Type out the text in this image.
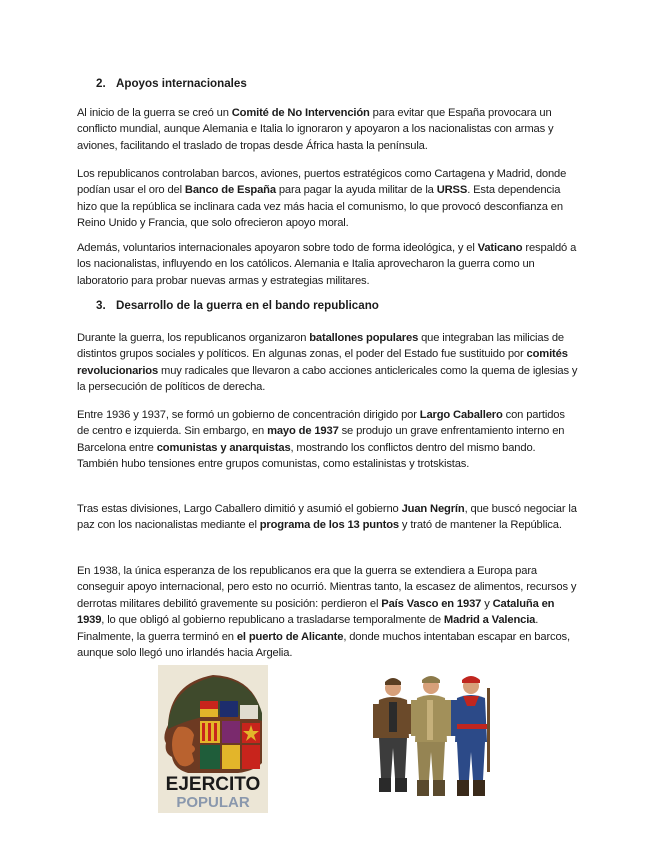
2. Apoyos internacionales

Al inicio de la guerra se creó un Comité de No Intervención para evitar que España provocara un conflicto mundial, aunque Alemania e Italia lo ignoraron y apoyaron a los nacionalistas con armas y aviones, facilitando el traslado de tropas desde África hasta la península.

Los republicanos controlaban barcos, aviones, puertos estratégicos como Cartagena y Madrid, donde podían usar el oro del Banco de España para pagar la ayuda militar de la URSS. Esta dependencia hizo que la república se inclinara cada vez más hacia el comunismo, lo que provocó desconfianza en Reino Unido y Francia, que solo ofrecieron apoyo moral.

Además, voluntarios internacionales apoyaron sobre todo de forma ideológica, y el Vaticano respaldó a los nacionalistas, influyendo en los católicos. Alemania e Italia aprovecharon la guerra como un laboratorio para probar nuevas armas y estrategias militares.

3. Desarrollo de la guerra en el bando republicano

Durante la guerra, los republicanos organizaron batallones populares que integraban las milicias de distintos grupos sociales y políticos. En algunas zonas, el poder del Estado fue sustituido por comités revolucionarios muy radicales que llevaron a cabo acciones anticlericales como la quema de iglesias y la persecución de políticos de derecha.

Entre 1936 y 1937, se formó un gobierno de concentración dirigido por Largo Caballero con partidos de centro e izquierda. Sin embargo, en mayo de 1937 se produjo un grave enfrentamiento interno en Barcelona entre comunistas y anarquistas, mostrando los conflictos dentro del mismo bando. También hubo tensiones entre grupos comunistas, como estalinistas y trotskistas.

Tras estas divisiones, Largo Caballero dimitió y asumió el gobierno Juan Negrín, que buscó negociar la paz con los nacionalistas mediante el programa de los 13 puntos y trató de mantener la República.

En 1938, la única esperanza de los republicanos era que la guerra se extendiera a Europa para conseguir apoyo internacional, pero esto no ocurrió. Mientras tanto, la escasez de alimentos, recursos y derrotas militares debilitó gravemente su posición: perdieron el País Vasco en 1937 y Cataluña en 1939, lo que obligó al gobierno republicano a trasladarse temporalmente de Madrid a Valencia. Finalmente, la guerra terminó en el puerto de Alicante, donde muchos intentaban escapar en barcos, aunque solo llegó uno irlandés hacia Argelia.

EJERCITO
POPULAR
